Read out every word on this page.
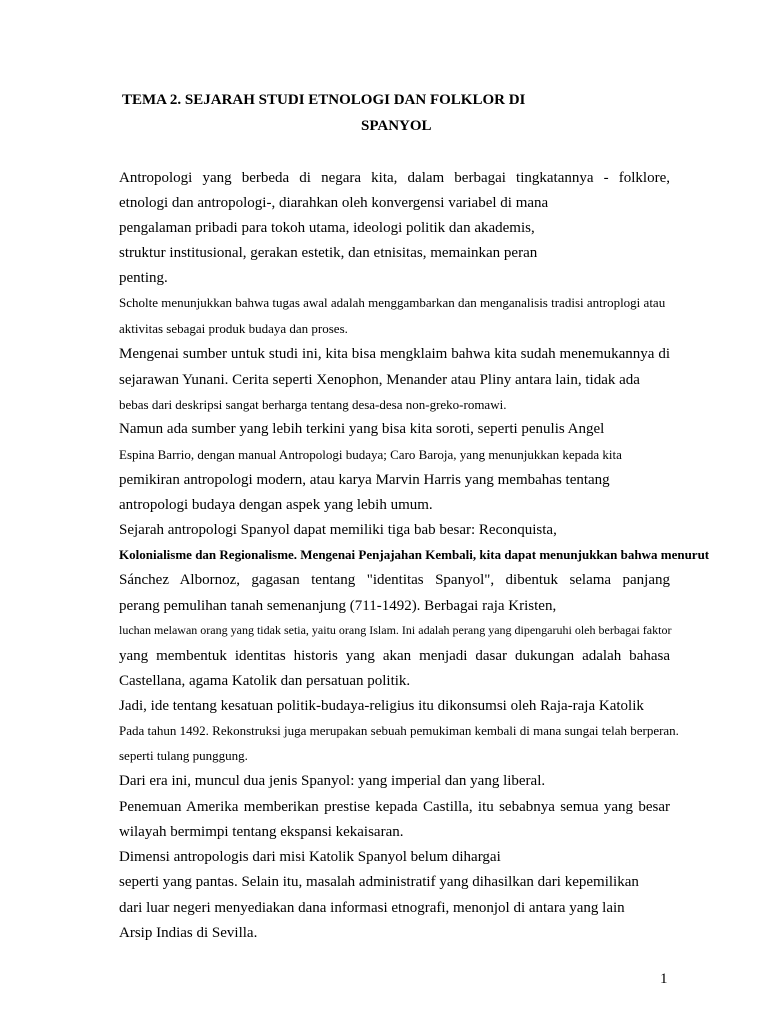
TEMA 2. SEJARAH STUDI ETNOLOGI DAN FOLKLOR DI
SPANYOL
Antropologi yang berbeda di negara kita, dalam berbagai tingkatannya - folklore,
etnologi dan antropologi-, diarahkan oleh konvergensi variabel di mana
pengalaman pribadi para tokoh utama, ideologi politik dan akademis,
struktur institusional, gerakan estetik, dan etnisitas, memainkan peran
penting.
Scholte menunjukkan bahwa tugas awal adalah menggambarkan dan menganalisis tradisi antroplogi atau
aktivitas sebagai produk budaya dan proses.
Mengenai sumber untuk studi ini, kita bisa mengklaim bahwa kita sudah menemukannya di
sejarawan Yunani. Cerita seperti Xenophon, Menander atau Pliny antara lain, tidak ada
bebas dari deskripsi sangat berharga tentang desa-desa non-greko-romawi.
Namun ada sumber yang lebih terkini yang bisa kita soroti, seperti penulis Angel
Espina Barrio, dengan manual Antropologi budaya; Caro Baroja, yang menunjukkan kepada kita
pemikiran antropologi modern, atau karya Marvin Harris yang membahas tentang
antropologi budaya dengan aspek yang lebih umum.
Sejarah antropologi Spanyol dapat memiliki tiga bab besar: Reconquista,
Kolonialisme dan Regionalisme. Mengenai Penjajahan Kembali, kita dapat menunjukkan bahwa menurut
Sánchez Albornoz, gagasan tentang "identitas Spanyol", dibentuk selama panjang
perang pemulihan tanah semenanjung (711-1492). Berbagai raja Kristen,
luchan melawan orang yang tidak setia, yaitu orang Islam. Ini adalah perang yang dipengaruhi oleh berbagai faktor
yang membentuk identitas historis yang akan menjadi dasar dukungan adalah bahasa
Castellana, agama Katolik dan persatuan politik.
Jadi, ide tentang kesatuan politik-budaya-religius itu dikonsumsi oleh Raja-raja Katolik
Pada tahun 1492. Rekonstruksi juga merupakan sebuah pemukiman kembali di mana sungai telah berperan.
seperti tulang punggung.
Dari era ini, muncul dua jenis Spanyol: yang imperial dan yang liberal.
Penemuan Amerika memberikan prestise kepada Castilla, itu sebabnya semua yang besar
wilayah bermimpi tentang ekspansi kekaisaran.
Dimensi antropologis dari misi Katolik Spanyol belum dihargai
seperti yang pantas. Selain itu, masalah administratif yang dihasilkan dari kepemilikan
dari luar negeri menyediakan dana informasi etnografi, menonjol di antara yang lain
Arsip Indias di Sevilla.
1
